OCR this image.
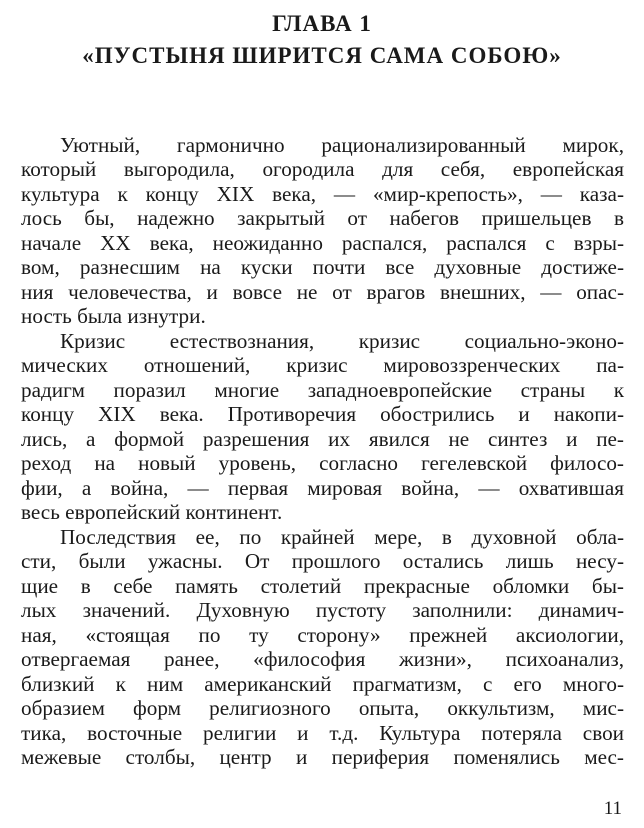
ГЛАВА 1
«ПУСТЫНЯ ШИРИТСЯ САМА СОБОЮ»
Уютный, гармонично рационализированный мирок,
который выгородила, огородила для себя, европейская
культура к концу XIX века, — «мир-крепость», — каза-
лось бы, надежно закрытый от набегов пришельцев в
начале XX века, неожиданно распался, распался с взры-
вом, разнесшим на куски почти все духовные достиже-
ния человечества, и вовсе не от врагов внешних, — опас-
ность была изнутри.
Кризис естествознания, кризис социально-эконо-
мических отношений, кризис мировоззренческих па-
радигм поразил многие западноевропейские страны к
концу XIX века. Противоречия обострились и накопи-
лись, а формой разрешения их явился не синтез и пе-
реход на новый уровень, согласно гегелевской филосо-
фии, а война, — первая мировая война, — охватившая
весь европейский континент.
Последствия ее, по крайней мере, в духовной обла-
сти, были ужасны. От прошлого остались лишь несу-
щие в себе память столетий прекрасные обломки бы-
лых значений. Духовную пустоту заполнили: динамич-
ная, «стоящая по ту сторону» прежней аксиологии,
отвергаемая ранее, «философия жизни», психоанализ,
близкий к ним американский прагматизм, с его много-
образием форм религиозного опыта, оккультизм, мис-
тика, восточные религии и т.д. Культура потеряла свои
межевые столбы, центр и периферия поменялись мес-
11
